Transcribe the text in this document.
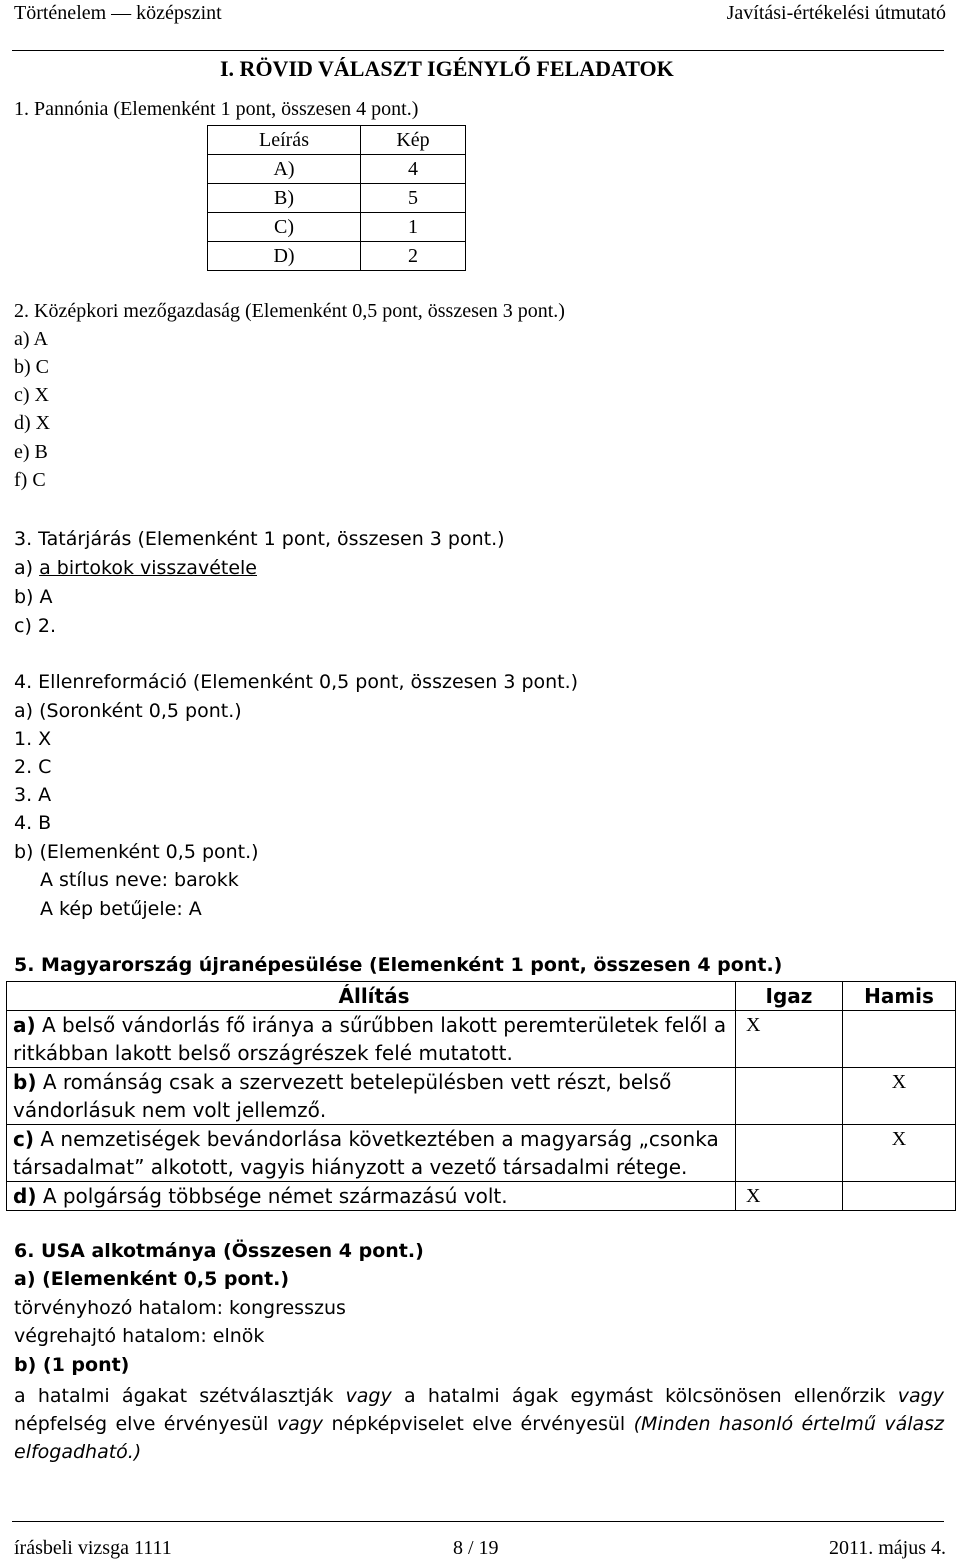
Történelem — középszint	Javítási-értékelési útmutató
I. RÖVID VÁLASZT IGÉNYLŐ FELADATOK
1. Pannónia (Elemenként 1 pont, összesen 4 pont.)
Leírás	Kép
A)	4
B)	5
C)	1
D)	2
2. Középkori mezőgazdaság (Elemenként 0,5 pont, összesen 3 pont.)
a) A
b) C
c) X
d) X
e) B
f) C
3. Tatárjárás (Elemenként 1 pont, összesen 3 pont.)
a) a birtokok visszavétele
b) A
c) 2.
4. Ellenreformáció (Elemenként 0,5 pont, összesen 3 pont.)
a) (Soronként 0,5 pont.)
1. X
2. C
3. A
4. B
b) (Elemenként 0,5 pont.)
A stílus neve: barokk
A kép betűjele: A
5. Magyarország újranépesülése (Elemenként 1 pont, összesen 4 pont.)
Állítás	Igaz	Hamis
a) A belső vándorlás fő iránya a sűrűbben lakott peremterületek felől a
ritkábban lakott belső országrészek felé mutatott.	X	
b) A románság csak a szervezett betelepülésben vett részt, belső
vándorlásuk nem volt jellemző.		X
c) A nemzetiségek bevándorlása következtében a magyarság „csonka
társadalmat” alkotott, vagyis hiányzott a vezető társadalmi rétege.		X
d) A polgárság többsége német származású volt.	X	
6. USA alkotmánya (Összesen 4 pont.)
a) (Elemenként 0,5 pont.)
törvényhozó hatalom: kongresszus
végrehajtó hatalom: elnök
b) (1 pont)
a hatalmi ágakat szétválasztják vagy a hatalmi ágak egymást kölcsönösen ellenőrzik vagy
népfelség elve érvényesül vagy népképviselet elve érvényesül (Minden hasonló értelmű válasz elfogadható.)
írásbeli vizsga 1111	8 / 19	2011. május 4.
